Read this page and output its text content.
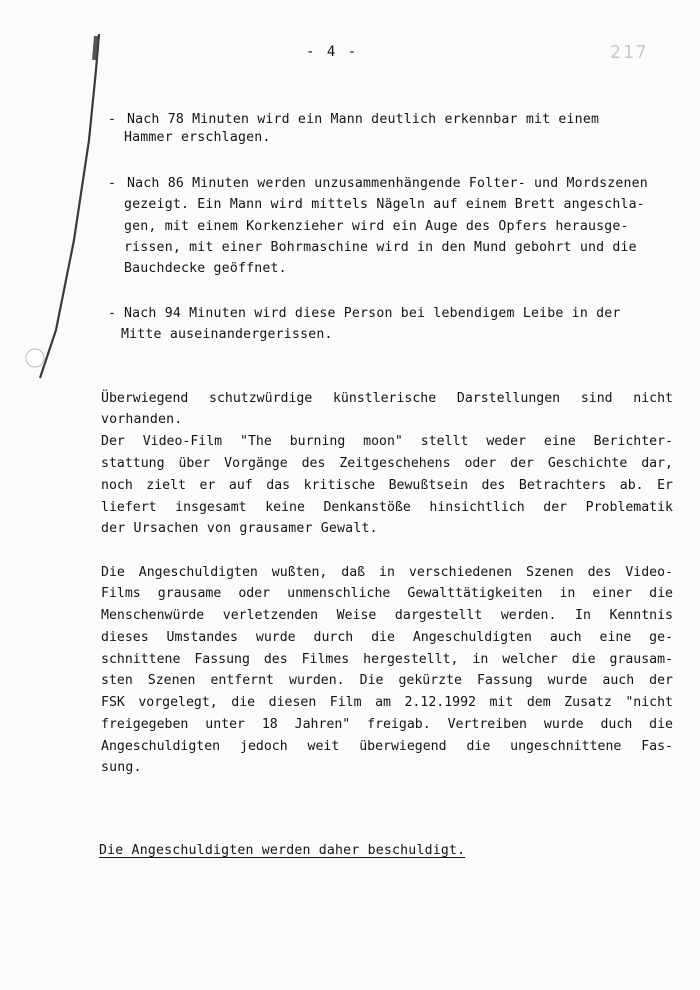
- 4 -	217
- Nach 78 Minuten wird ein Mann deutlich erkennbar mit einem
Hammer erschlagen.
- Nach 86 Minuten werden unzusammenhängende Folter- und Mordszenen
gezeigt. Ein Mann wird mittels Nägeln auf einem Brett angeschla-
gen, mit einem Korkenzieher wird ein Auge des Opfers herausge-
rissen, mit einer Bohrmaschine wird in den Mund gebohrt und die
Bauchdecke geöffnet.
- Nach 94 Minuten wird diese Person bei lebendigem Leibe in der
Mitte auseinandergerissen.
Überwiegend schutzwürdige künstlerische Darstellungen sind nicht
vorhanden.
Der Video-Film "The burning moon" stellt weder eine Berichter-
stattung über Vorgänge des Zeitgeschehens oder der Geschichte dar,
noch zielt er auf das kritische Bewußtsein des Betrachters ab. Er
liefert insgesamt keine Denkanstöße hinsichtlich der Problematik
der Ursachen von grausamer Gewalt.
Die Angeschuldigten wußten, daß in verschiedenen Szenen des Video-
Films grausame oder unmenschliche Gewalttätigkeiten in einer die
Menschenwürde verletzenden Weise dargestellt werden. In Kenntnis
dieses Umstandes wurde durch die Angeschuldigten auch eine ge-
schnittene Fassung des Filmes hergestellt, in welcher die grausam-
sten Szenen entfernt wurden. Die gekürzte Fassung wurde auch der
FSK vorgelegt, die diesen Film am 2.12.1992 mit dem Zusatz "nicht
freigegeben unter 18 Jahren" freigab. Vertreiben wurde duch die
Angeschuldigten jedoch weit überwiegend die ungeschnittene Fas-
sung.
Die Angeschuldigten werden daher beschuldigt.
